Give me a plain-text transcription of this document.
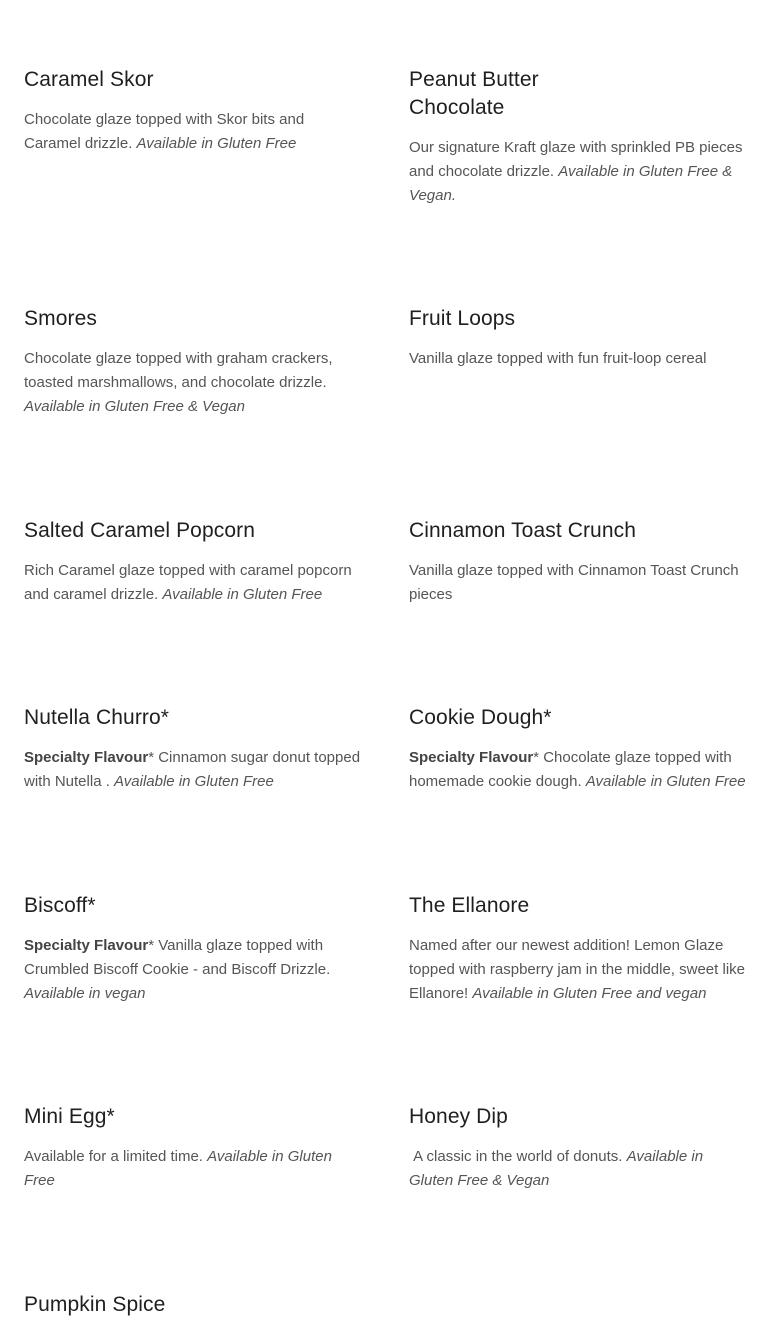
Caramel Skor

Chocolate glaze topped with Skor bits and Caramel drizzle. Available in Gluten Free

Peanut Butter Chocolate

Our signature Kraft glaze with sprinkled PB pieces and chocolate drizzle. Available in Gluten Free & Vegan.

Smores

Chocolate glaze topped with graham crackers, toasted marshmallows, and chocolate drizzle. Available in Gluten Free & Vegan

Fruit Loops

Vanilla glaze topped with fun fruit-loop cereal

Salted Caramel Popcorn

Rich Caramel glaze topped with caramel popcorn and caramel drizzle. Available in Gluten Free

Cinnamon Toast Crunch

Vanilla glaze topped with Cinnamon Toast Crunch pieces

Nutella Churro*

Specialty Flavour* Cinnamon sugar donut topped with Nutella . Available in Gluten Free

Cookie Dough*

Specialty Flavour* Chocolate glaze topped with homemade cookie dough. Available in Gluten Free

Biscoff*

Specialty Flavour* Vanilla glaze topped with Crumbled Biscoff Cookie - and Biscoff Drizzle. Available in vegan

The Ellanore

Named after our newest addition! Lemon Glaze topped with raspberry jam in the middle, sweet like Ellanore! Available in Gluten Free and vegan

Mini Egg*

Available for a limited time. Available in Gluten Free

Honey Dip

A classic in the world of donuts. Available in Gluten Free & Vegan

Pumpkin Spice
